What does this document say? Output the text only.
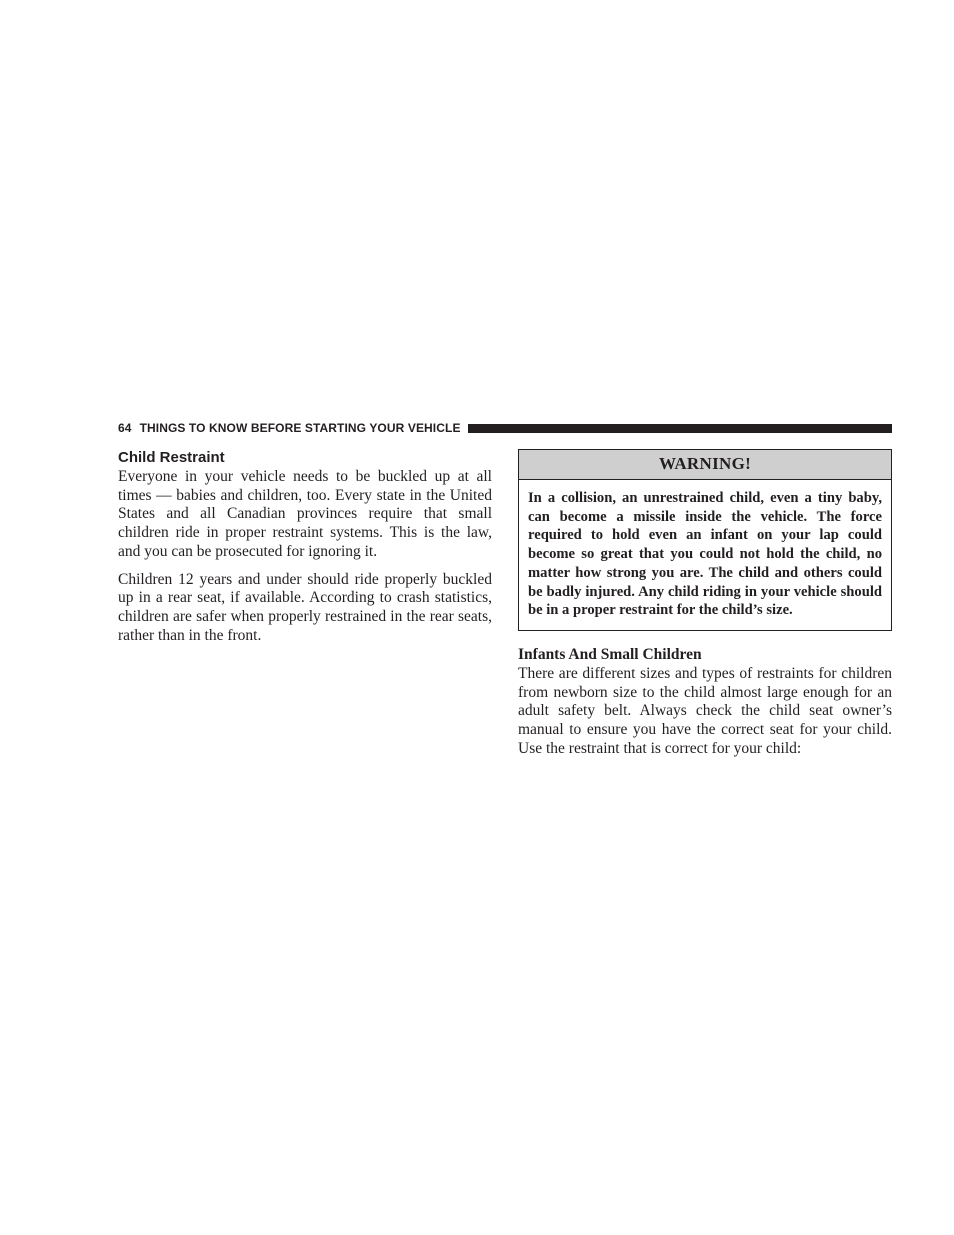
64 THINGS TO KNOW BEFORE STARTING YOUR VEHICLE
Child Restraint

Everyone in your vehicle needs to be buckled up at all times — babies and children, too. Every state in the United States and all Canadian provinces require that small children ride in proper restraint systems. This is the law, and you can be prosecuted for ignoring it.

Children 12 years and under should ride properly buckled up in a rear seat, if available. According to crash statistics, children are safer when properly restrained in the rear seats, rather than in the front.

WARNING!
In a collision, an unrestrained child, even a tiny baby, can become a missile inside the vehicle. The force required to hold even an infant on your lap could become so great that you could not hold the child, no matter how strong you are. The child and others could be badly injured. Any child riding in your vehicle should be in a proper restraint for the child’s size.
Infants And Small Children

There are different sizes and types of restraints for children from newborn size to the child almost large enough for an adult safety belt. Always check the child seat owner’s manual to ensure you have the correct seat for your child. Use the restraint that is correct for your child:
